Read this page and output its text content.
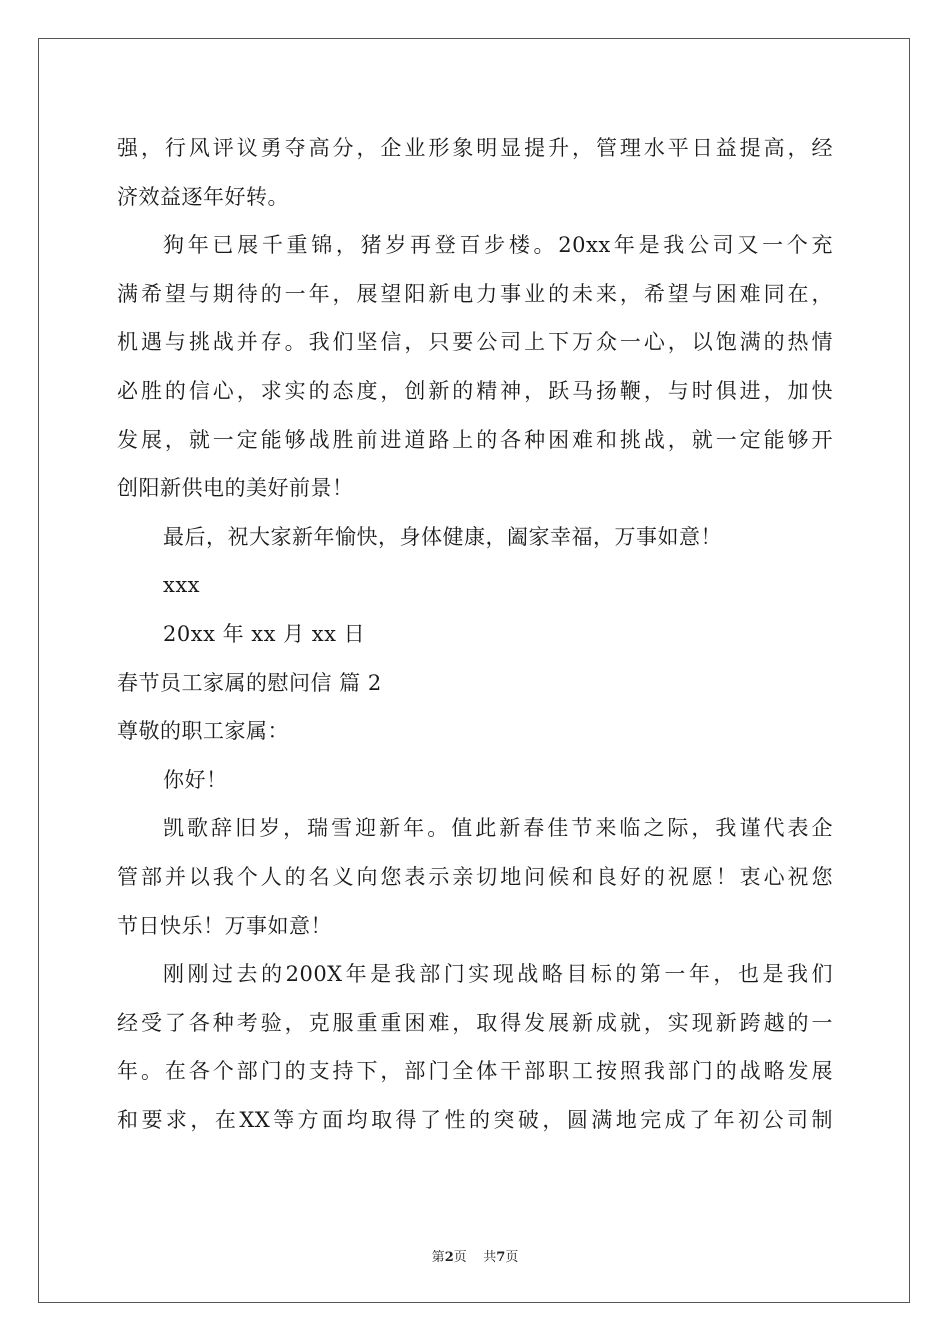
强，行风评议勇夺高分，企业形象明显提升，管理水平日益提高，经
济效益逐年好转。
狗年已展千重锦，猪岁再登百步楼。20xx年是我公司又一个充
满希望与期待的一年，展望阳新电力事业的未来，希望与困难同在，
机遇与挑战并存。我们坚信，只要公司上下万众一心，以饱满的热情
必胜的信心，求实的态度，创新的精神，跃马扬鞭，与时俱进，加快
发展，就一定能够战胜前进道路上的各种困难和挑战，就一定能够开
创阳新供电的美好前景！
最后，祝大家新年愉快，身体健康，阖家幸福，万事如意！
xxx
20xx 年 xx 月 xx 日
春节员工家属的慰问信 篇 2
尊敬的职工家属：
你好！
凯歌辞旧岁，瑞雪迎新年。值此新春佳节来临之际，我谨代表企
管部并以我个人的名义向您表示亲切地问候和良好的祝愿！衷心祝您
节日快乐！万事如意！
刚刚过去的200X年是我部门实现战略目标的第一年，也是我们
经受了各种考验，克服重重困难，取得发展新成就，实现新跨越的一
年。在各个部门的支持下，部门全体干部职工按照我部门的战略发展
和要求，在XX等方面均取得了性的突破，圆满地完成了年初公司制
第2页    共7页
